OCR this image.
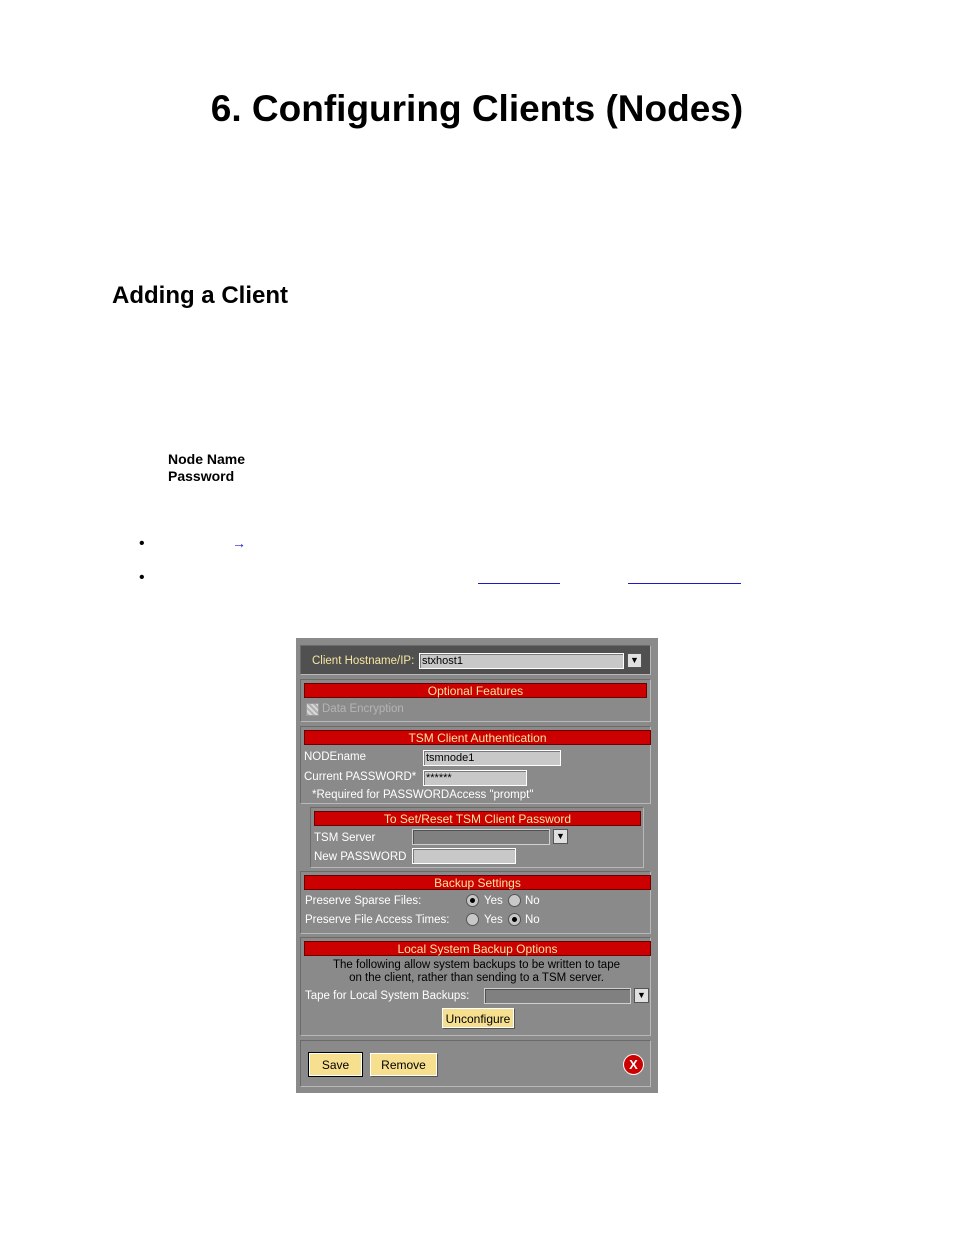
6. Configuring Clients (Nodes)
Adding a Client
Node Name
Password
•	→
•
Client Hostname/IP: stxhost1	▼
Optional Features
Data Encryption
TSM Client Authentication
NODEname	tsmnode1
Current PASSWORD* ******
*Required for PASSWORDAccess "prompt"
To Set/Reset TSM Client Password
TSM Server	▼
New PASSWORD
Backup Settings
Preserve Sparse Files:	Yes No
Preserve File Access Times:	Yes No
Local System Backup Options
The following allow system backups to be written to tape
on the client, rather than sending to a TSM server.
Tape for Local System Backups:	▼
Unconfigure
Save	Remove	X
